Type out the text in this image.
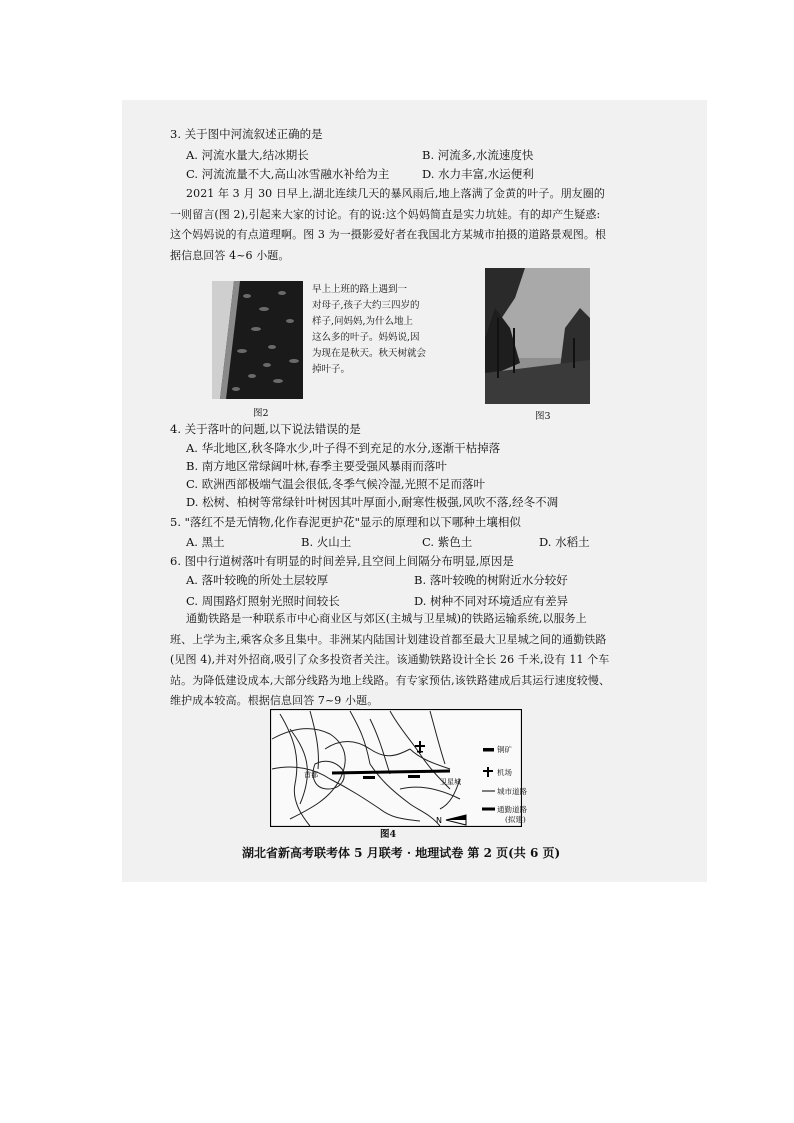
3. 关于图中河流叙述正确的是
A. 河流水量大,结冰期长	B. 河流多,水流速度快
C. 河流流量不大,高山冰雪融水补给为主	D. 水力丰富,水运便利
2021 年 3 月 30 日早上,湖北连续几天的暴风雨后,地上落满了金黄的叶子。朋友圈的
一则留言(图 2),引起来大家的讨论。有的说:这个妈妈简直是实力坑娃。有的却产生疑惑:
这个妈妈说的有点道理啊。图 3 为一摄影爱好者在我国北方某城市拍摄的道路景观图。根
据信息回答 4~6 小题。
早上上班的路上遇到一
对母子,孩子大约三四岁的
样子,问妈妈,为什么地上
这么多的叶子。妈妈说,因
为现在是秋天。秋天树就会
掉叶子。
图2	图3
4. 关于落叶的问题,以下说法错误的是
A. 华北地区,秋冬降水少,叶子得不到充足的水分,逐渐干枯掉落
B. 南方地区常绿阔叶林,春季主要受强风暴雨而落叶
C. 欧洲西部极端气温会很低,冬季气候冷湿,光照不足而落叶
D. 松树、柏树等常绿针叶树因其叶厚面小,耐寒性极强,风吹不落,经冬不凋
5. "落红不是无情物,化作春泥更护花"显示的原理和以下哪种土壤相似
A. 黑土	B. 火山土	C. 紫色土	D. 水稻土
6. 图中行道树落叶有明显的时间差异,且空间上间隔分布明显,原因是
A. 落叶较晚的所处土层较厚	B. 落叶较晚的树附近水分较好
C. 周围路灯照射光照时间较长	D. 树种不同对环境适应有差异
通勤铁路是一种联系市中心商业区与郊区(主城与卫星城)的铁路运输系统,以服务上
班、上学为主,乘客众多且集中。非洲某内陆国计划建设首都至最大卫星城之间的通勤铁路
(见图 4),并对外招商,吸引了众多投资者关注。该通勤铁路设计全长 26 千米,设有 11 个车
站。为降低建设成本,大部分线路为地上线路。有专家预估,该铁路建成后其运行速度较慢、
维护成本较高。根据信息回答 7~9 小题。
首都
卫星城
N
铜矿
机场
城市道路
通勤道路
(拟建)
图4
湖北省新高考联考体 5 月联考 · 地理试卷 第 2 页(共 6 页)
